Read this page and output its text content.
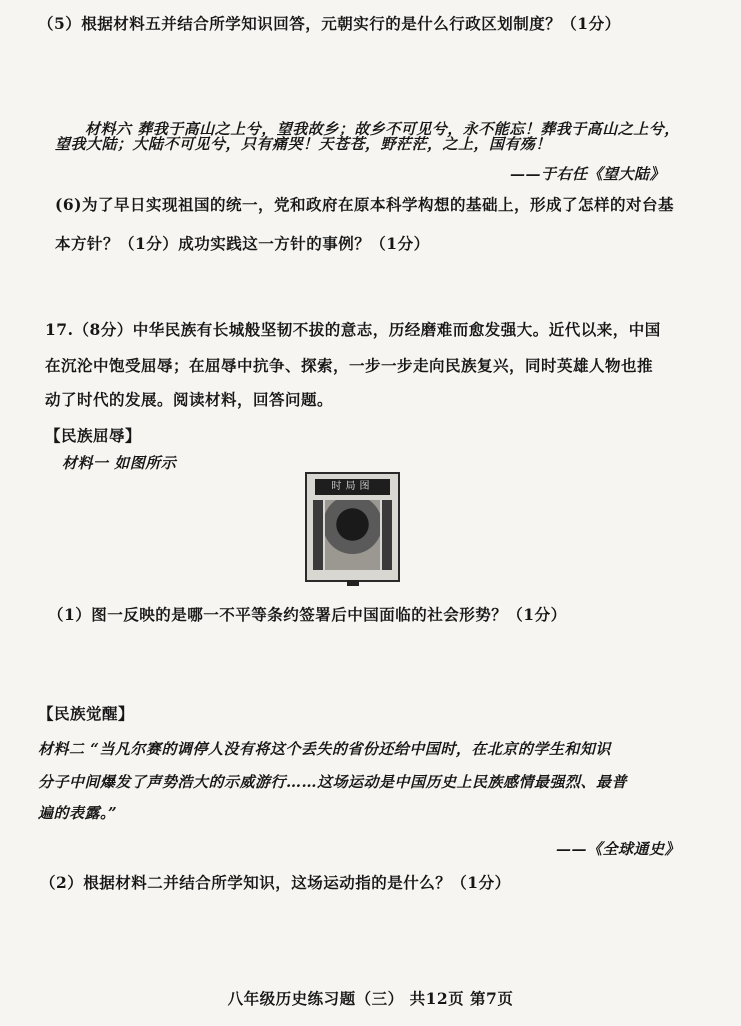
（5）根据材料五并结合所学知识回答，元朝实行的是什么行政区划制度？（1分）
材料六 葬我于高山之上兮，望我故乡；故乡不可见兮，永不能忘！葬我于高山之上兮，
望我大陆；大陆不可见兮，只有痛哭！天苍苍，野茫茫，之上，国有殇！
——于右任《望大陆》
(6)为了早日实现祖国的统一，党和政府在原本科学构想的基础上，形成了怎样的对台基
本方针？（1分）成功实践这一方针的事例？（1分）
17.（8分）中华民族有长城般坚韧不拔的意志，历经磨难而愈发强大。近代以来，中国
在沉沦中饱受屈辱；在屈辱中抗争、探索，一步一步走向民族复兴，同时英雄人物也推
动了时代的发展。阅读材料，回答问题。
【民族屈辱】
材料一 如图所示
时局图
（1）图一反映的是哪一不平等条约签署后中国面临的社会形势？（1分）
【民族觉醒】
材料二 “当凡尔赛的调停人没有将这个丢失的省份还给中国时，在北京的学生和知识
分子中间爆发了声势浩大的示威游行……这场运动是中国历史上民族感情最强烈、最普
遍的表露。”
——《全球通史》
（2）根据材料二并结合所学知识，这场运动指的是什么？（1分）
八年级历史练习题（三） 共12页 第7页
